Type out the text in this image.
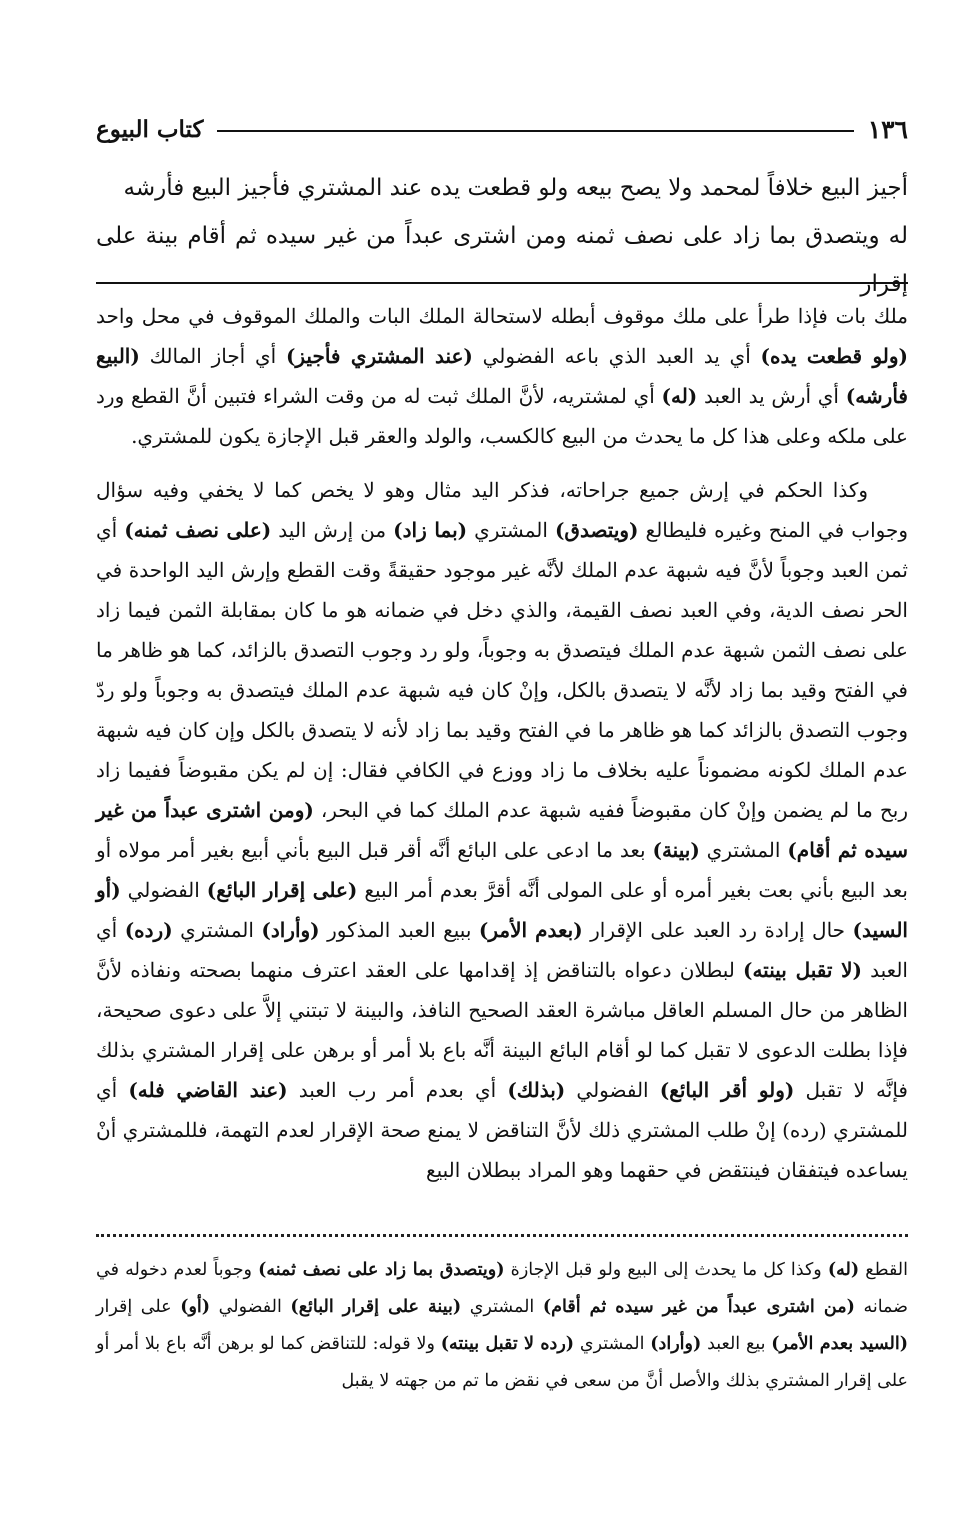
١٣٦
كتاب البيوع

أجيز البيع خلافاً لمحمد ولا يصح بيعه ولو قطعت يده عند المشتري فأجيز البيع فأرشه

له ويتصدق بما زاد على نصف ثمنه ومن اشترى عبداً من غير سيده ثم أقام بينة على إقرار

ملك بات فإذا طرأ على ملك موقوف أبطله لاستحالة الملك البات والملك الموقوف في محل واحد (ولو قطعت يده) أي يد العبد الذي باعه الفضولي (عند المشتري فأجيز) أي أجاز المالك (البيع فأرشه) أي أرش يد العبد (له) أي لمشتريه، لأنَّ الملك ثبت له من وقت الشراء فتبين أنَّ القطع ورد على ملكه وعلى هذا كل ما يحدث من البيع كالكسب، والولد والعقر قبل الإجازة يكون للمشتري.

وكذا الحكم في إرش جميع جراحاته، فذكر اليد مثال وهو لا يخص كما لا يخفي وفيه سؤال وجواب في المنح وغيره فليطالع (ويتصدق) المشتري (بما زاد) من إرش اليد (على نصف ثمنه) أي ثمن العبد وجوباً لأنَّ فيه شبهة عدم الملك لأنَّه غير موجود حقيقةً وقت القطع وإرش اليد الواحدة في الحر نصف الدية، وفي العبد نصف القيمة، والذي دخل في ضمانه هو ما كان بمقابلة الثمن فيما زاد على نصف الثمن شبهة عدم الملك فيتصدق به وجوباً، ولو رد وجوب التصدق بالزائد، كما هو ظاهر ما في الفتح وقيد بما زاد لأنَّه لا يتصدق بالكل، وإنْ كان فيه شبهة عدم الملك فيتصدق به وجوباً ولو ردّ وجوب التصدق بالزائد كما هو ظاهر ما في الفتح وقيد بما زاد لأنه لا يتصدق بالكل وإن كان فيه شبهة عدم الملك لكونه مضموناً عليه بخلاف ما زاد ووزع في الكافي فقال: إن لم يكن مقبوضاً ففيما زاد ربح ما لم يضمن وإنْ كان مقبوضاً ففيه شبهة عدم الملك كما في البحر، (ومن اشترى عبداً من غير سيده ثم أقام) المشتري (بينة) بعد ما ادعى على البائع أنَّه أقر قبل البيع بأني أبيع بغير أمر مولاه أو بعد البيع بأني بعت بغير أمره أو على المولى أنَّه أقرَّ بعدم أمر البيع (على إقرار البائع) الفضولي (أو السيد) حال إرادة رد العبد على الإقرار (بعدم الأمر) ببيع العبد المذكور (وأراد) المشتري (رده) أي العبد (لا تقبل بينته) لبطلان دعواه بالتناقض إذ إقدامها على العقد اعترف منهما بصحته ونفاذه لأنَّ الظاهر من حال المسلم العاقل مباشرة العقد الصحيح النافذ، والبينة لا تبتني إلاَّ على دعوى صحيحة، فإذا بطلت الدعوى لا تقبل كما لو أقام البائع البينة أنَّه باع بلا أمر أو برهن على إقرار المشتري بذلك فإنَّه لا تقبل (ولو أقر البائع) الفضولي (بذلك) أي بعدم أمر رب العبد (عند القاضي فله) أي للمشتري (رده) إنْ طلب المشتري ذلك لأنَّ التناقض لا يمنع صحة الإقرار لعدم التهمة، فللمشتري أنْ يساعده فيتفقان فينتقض في حقهما وهو المراد ببطلان البيع

القطع (له) وكذا كل ما يحدث إلى البيع ولو قبل الإجازة (ويتصدق بما زاد على نصف ثمنه) وجوباً لعدم دخوله في ضمانه (من اشترى عبداً من غير سيده ثم أقام) المشتري (بينة على إقرار البائع) الفضولي (أو) على إقرار (السيد بعدم الأمر) بيع العبد (وأراد) المشتري (رده لا تقبل بينته) ولا قوله: للتناقض كما لو برهن أنَّه باع بلا أمر أو على إقرار المشتري بذلك والأصل أنَّ من سعى في نقض ما تم من جهته لا يقبل
